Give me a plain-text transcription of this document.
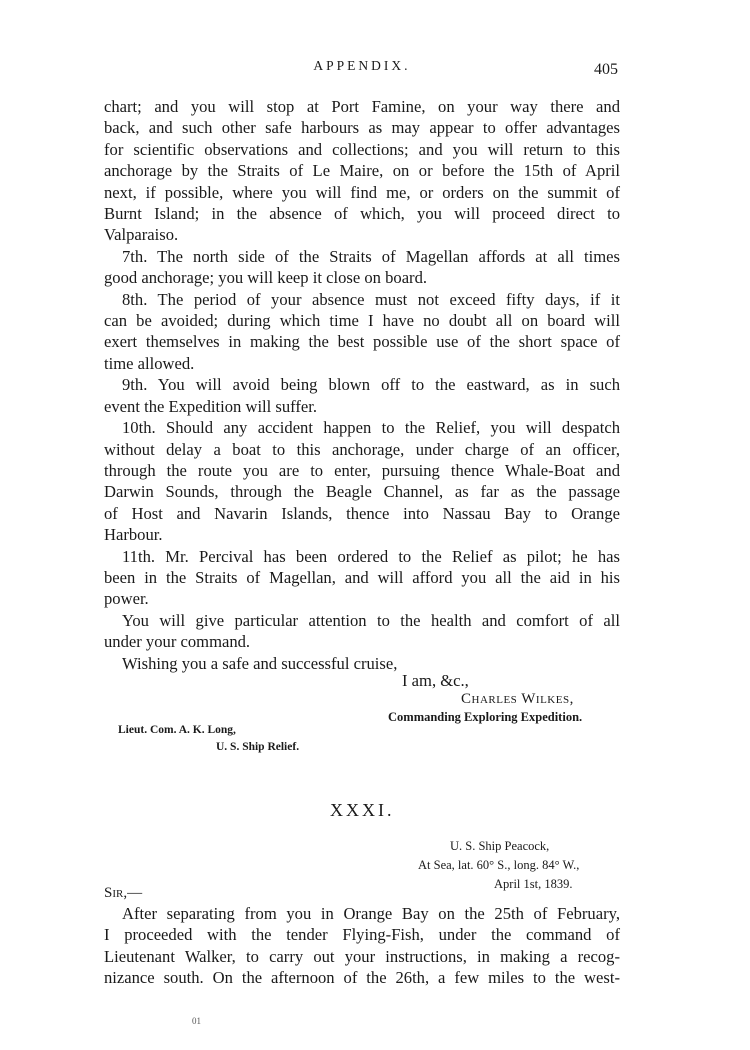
APPENDIX.	405
chart; and you will stop at Port Famine, on your way there and
back, and such other safe harbours as may appear to offer advantages
for scientific observations and collections; and you will return to this
anchorage by the Straits of Le Maire, on or before the 15th of April
next, if possible, where you will find me, or orders on the summit of
Burnt Island; in the absence of which, you will proceed direct to
Valparaiso.
7th. The north side of the Straits of Magellan affords at all times
good anchorage; you will keep it close on board.
8th. The period of your absence must not exceed fifty days, if it
can be avoided; during which time I have no doubt all on board will
exert themselves in making the best possible use of the short space of
time allowed.
9th. You will avoid being blown off to the eastward, as in such
event the Expedition will suffer.
10th. Should any accident happen to the Relief, you will despatch
without delay a boat to this anchorage, under charge of an officer,
through the route you are to enter, pursuing thence Whale-Boat and
Darwin Sounds, through the Beagle Channel, as far as the passage
of Host and Navarin Islands, thence into Nassau Bay to Orange
Harbour.
11th. Mr. Percival has been ordered to the Relief as pilot; he has
been in the Straits of Magellan, and will afford you all the aid in his
power.
You will give particular attention to the health and comfort of all
under your command.
Wishing you a safe and successful cruise,
I am, &c.,
Charles Wilkes,
Commanding Exploring Expedition.
Lieut. Com. A. K. Long,
U. S. Ship Relief.
XXXI.
U. S. Ship Peacock,
At Sea, lat. 60° S., long. 84° W.,
April 1st, 1839.
Sir,—
After separating from you in Orange Bay on the 25th of February,
I proceeded with the tender Flying-Fish, under the command of
Lieutenant Walker, to carry out your instructions, in making a recog-
nizance south. On the afternoon of the 26th, a few miles to the west-
01
